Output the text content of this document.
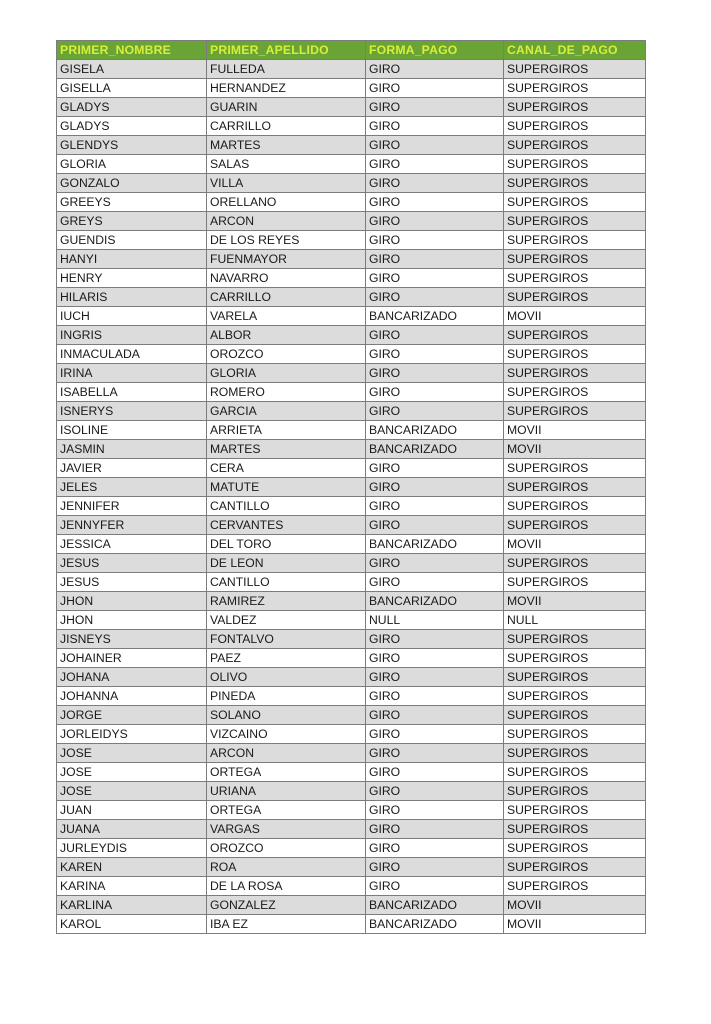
PRIMER_NOMBRE	PRIMER_APELLIDO	FORMA_PAGO	CANAL_DE_PAGO
GISELA	FULLEDA	GIRO	SUPERGIROS
GISELLA	HERNANDEZ	GIRO	SUPERGIROS
GLADYS	GUARIN	GIRO	SUPERGIROS
GLADYS	CARRILLO	GIRO	SUPERGIROS
GLENDYS	MARTES	GIRO	SUPERGIROS
GLORIA	SALAS	GIRO	SUPERGIROS
GONZALO	VILLA	GIRO	SUPERGIROS
GREEYS	ORELLANO	GIRO	SUPERGIROS
GREYS	ARCON	GIRO	SUPERGIROS
GUENDIS	DE LOS REYES	GIRO	SUPERGIROS
HANYI	FUENMAYOR	GIRO	SUPERGIROS
HENRY	NAVARRO	GIRO	SUPERGIROS
HILARIS	CARRILLO	GIRO	SUPERGIROS
IUCH	VARELA	BANCARIZADO	MOVII
INGRIS	ALBOR	GIRO	SUPERGIROS
INMACULADA	OROZCO	GIRO	SUPERGIROS
IRINA	GLORIA	GIRO	SUPERGIROS
ISABELLA	ROMERO	GIRO	SUPERGIROS
ISNERYS	GARCIA	GIRO	SUPERGIROS
ISOLINE	ARRIETA	BANCARIZADO	MOVII
JASMIN	MARTES	BANCARIZADO	MOVII
JAVIER	CERA	GIRO	SUPERGIROS
JELES	MATUTE	GIRO	SUPERGIROS
JENNIFER	CANTILLO	GIRO	SUPERGIROS
JENNYFER	CERVANTES	GIRO	SUPERGIROS
JESSICA	DEL TORO	BANCARIZADO	MOVII
JESUS	DE LEON	GIRO	SUPERGIROS
JESUS	CANTILLO	GIRO	SUPERGIROS
JHON	RAMIREZ	BANCARIZADO	MOVII
JHON	VALDEZ	NULL	NULL
JISNEYS	FONTALVO	GIRO	SUPERGIROS
JOHAINER	PAEZ	GIRO	SUPERGIROS
JOHANA	OLIVO	GIRO	SUPERGIROS
JOHANNA	PINEDA	GIRO	SUPERGIROS
JORGE	SOLANO	GIRO	SUPERGIROS
JORLEIDYS	VIZCAINO	GIRO	SUPERGIROS
JOSE	ARCON	GIRO	SUPERGIROS
JOSE	ORTEGA	GIRO	SUPERGIROS
JOSE	URIANA	GIRO	SUPERGIROS
JUAN	ORTEGA	GIRO	SUPERGIROS
JUANA	VARGAS	GIRO	SUPERGIROS
JURLEYDIS	OROZCO	GIRO	SUPERGIROS
KAREN	ROA	GIRO	SUPERGIROS
KARINA	DE LA ROSA	GIRO	SUPERGIROS
KARLINA	GONZALEZ	BANCARIZADO	MOVII
KAROL	IBA EZ	BANCARIZADO	MOVII
